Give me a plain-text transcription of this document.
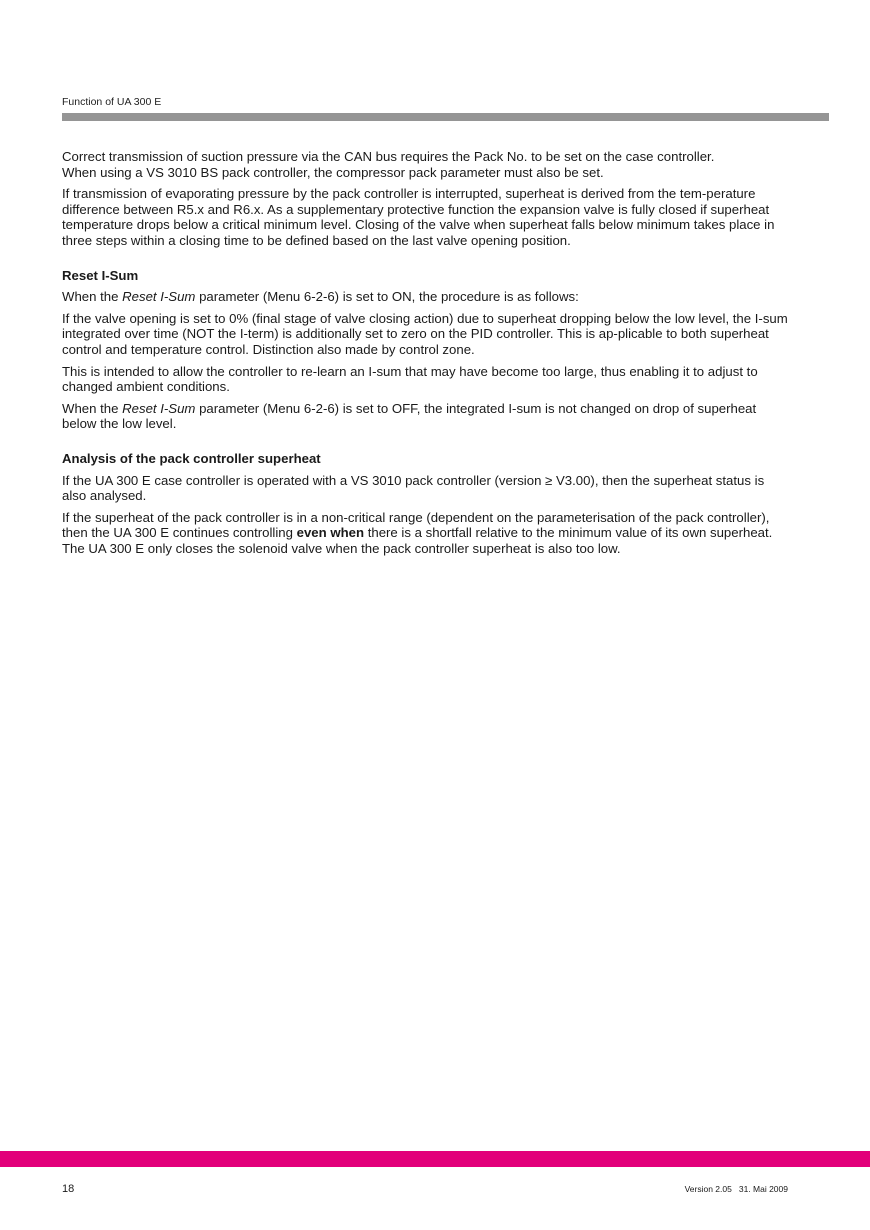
Function of UA 300 E

Correct transmission of suction pressure via the CAN bus requires the Pack No. to be set on the case controller.
When using a VS 3010 BS pack controller, the compressor pack parameter must also be set.

If transmission of evaporating pressure by the pack controller is interrupted, superheat is derived from the tem-perature difference between R5.x and R6.x. As a supplementary protective function the expansion valve is fully closed if superheat temperature drops below a critical minimum level. Closing of the valve when superheat falls below minimum takes place in three steps within a closing time to be defined based on the last valve opening position.

Reset I-Sum

When the Reset I-Sum parameter (Menu 6-2-6) is set to ON, the procedure is as follows:

If the valve opening is set to 0% (final stage of valve closing action) due to superheat dropping below the low level, the I-sum integrated over time (NOT the I-term) is additionally set to zero on the PID controller. This is ap-plicable to both superheat control and temperature control. Distinction also made by control zone.

This is intended to allow the controller to re-learn an I-sum that may have become too large, thus enabling it to adjust to changed ambient conditions.

When the Reset I-Sum parameter (Menu 6-2-6) is set to OFF, the integrated I-sum is not changed on drop of superheat below the low level.

Analysis of the pack controller superheat

If the UA 300 E case controller is operated with a VS 3010 pack controller (version ≥ V3.00), then the superheat status is also analysed.

If the superheat of the pack controller is in a non-critical range (dependent on the parameterisation of the pack controller), then the UA 300 E continues controlling even when there is a shortfall relative to the minimum value of its own superheat. The UA 300 E only closes the solenoid valve when the pack controller superheat is also too low.

18	Version 2.05 31. Mai 2009
